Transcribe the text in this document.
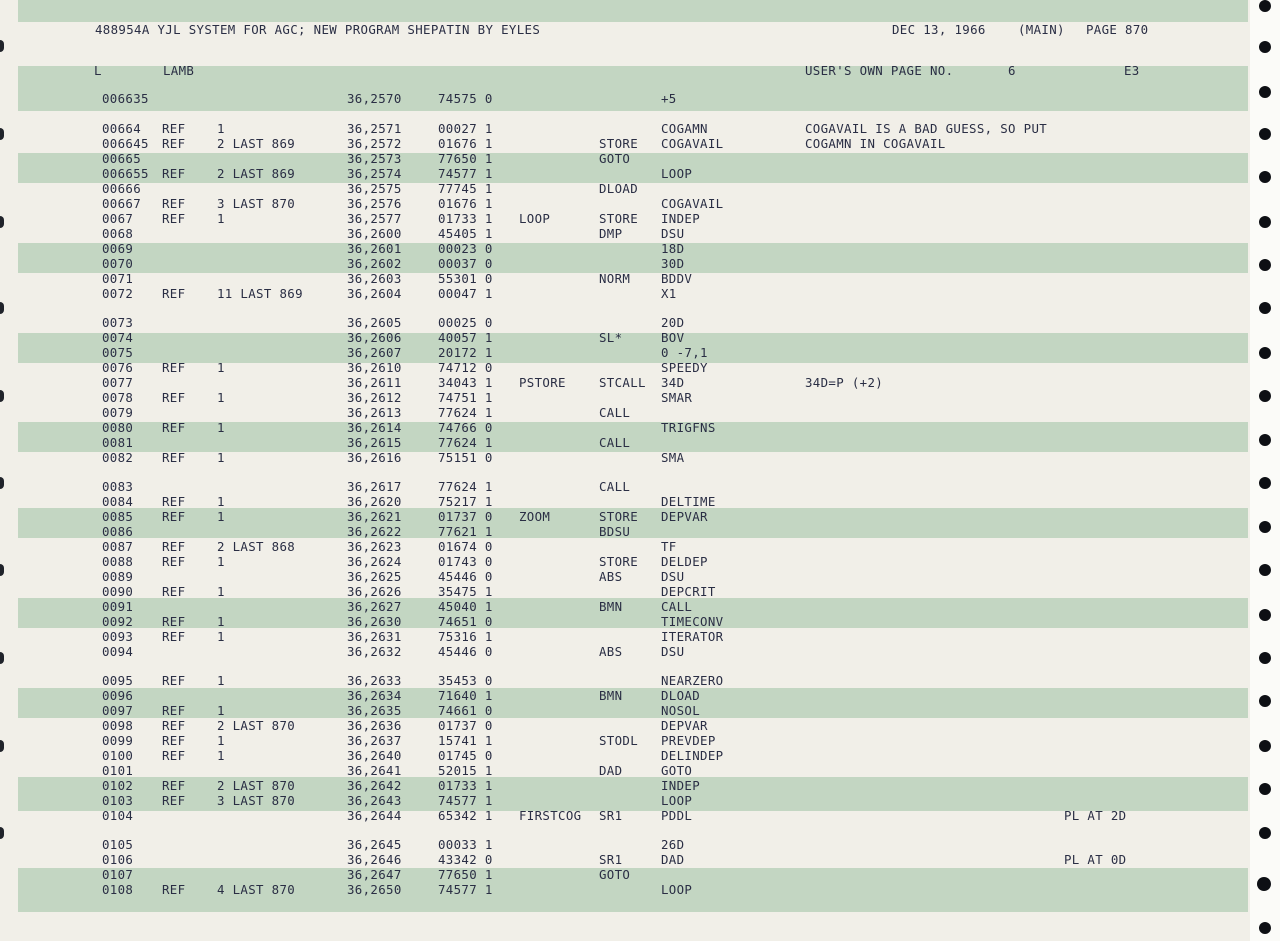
488954A YJL SYSTEM FOR AGC; NEW PROGRAM SHEPATIN BY EYLES	DEC 13, 1966	(MAIN) PAGE 870
L	LAMB	USER'S OWN PAGE NO.	6	E3
006635	36,2570	74575 0	+5
00664 REF	1	36,2571	00027 1	COGAMN	COGAVAIL IS A BAD GUESS, SO PUT
006645 REF	2 LAST 869	36,2572	01676 1	STORE COGAVAIL	COGAMN IN COGAVAIL
00665	36,2573	77650 1	GOTO
006655 REF	2 LAST 869	36,2574	74577 1	LOOP
00666	36,2575	77745 1	DLOAD
00667 REF	3 LAST 870	36,2576	01676 1	COGAVAIL
0067 REF	1	36,2577	01733 1 LOOP	STORE INDEP
0068	36,2600	45405 1	DMP	DSU
0069	36,2601	00023 0	18D
0070	36,2602	00037 0	30D
0071	36,2603	55301 0	NORM BDDV
0072 REF	11 LAST 869	36,2604	00047 1	X1
0073	36,2605	00025 0	20D
0074	36,2606	40057 1	SL*	BOV
0075	36,2607	20172 1	0 -7,1
0076 REF	1	36,2610	74712 0	SPEEDY
0077	36,2611	34043 1 PSTORE	STCALL 34D	34D=P (+2)
0078 REF	1	36,2612	74751 1	SMAR
0079	36,2613	77624 1	CALL
0080 REF	1	36,2614	74766 0	TRIGFNS
0081	36,2615	77624 1	CALL
0082 REF	1	36,2616	75151 0	SMA
0083	36,2617	77624 1	CALL
0084 REF	1	36,2620	75217 1	DELTIME
0085 REF	1	36,2621	01737 0 ZOOM	STORE DEPVAR
0086	36,2622	77621 1	BDSU
0087 REF	2 LAST 868	36,2623	01674 0	TF
0088 REF	1	36,2624	01743 0	STORE DELDEP
0089	36,2625	45446 0	ABS	DSU
0090 REF	1	36,2626	35475 1	DEPCRIT
0091	36,2627	45040 1	BMN	CALL
0092 REF	1	36,2630	74651 0	TIMECONV
0093 REF	1	36,2631	75316 1	ITERATOR
0094	36,2632	45446 0	ABS	DSU
0095 REF	1	36,2633	35453 0	NEARZERO
0096	36,2634	71640 1	BMN	DLOAD
0097 REF	1	36,2635	74661 0	NOSOL
0098 REF	2 LAST 870	36,2636	01737 0	DEPVAR
0099 REF	1	36,2637	15741 1	STODL PREVDEP
0100 REF	1	36,2640	01745 0	DELINDEP
0101	36,2641	52015 1	DAD	GOTO
0102 REF	2 LAST 870	36,2642	01733 1	INDEP
0103 REF	3 LAST 870	36,2643	74577 1	LOOP
0104	36,2644	65342 1 FIRSTCOG SR1	PDDL	PL AT 2D
0105	36,2645	00033 1	26D
0106	36,2646	43342 0	SR1	DAD	PL AT 0D
0107	36,2647	77650 1	GOTO
0108 REF	4 LAST 870	36,2650	74577 1	LOOP
